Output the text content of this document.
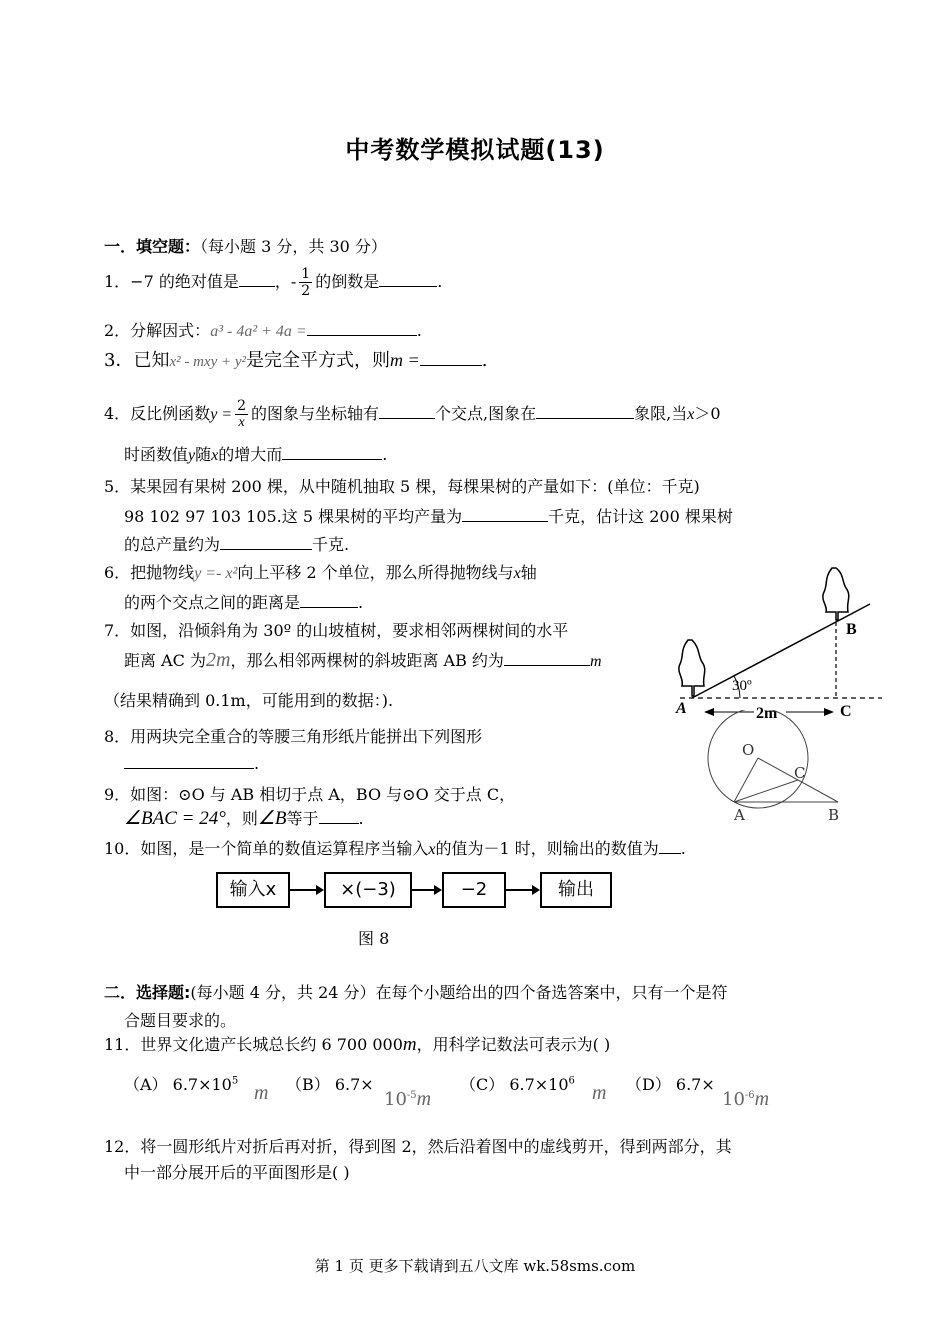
中考数学模拟试题(13)
一．填空题：（每小题 3 分，共 30 分）
1．−7 的绝对值是 ，- $\frac{1}{2}$ 的倒数是	.
2．分解因式：a³ - 4a² + 4a =	.
3．已知x² - mxy + y²是完全平方式，则m =	.
4．反比例函数$y = \frac{2}{x}$ 的图象与坐标轴有	个交点,图象在	象限,当x＞0
时函数值y随x的增大而	.
5．某果园有果树 200 棵，从中随机抽取 5 棵，每棵果树的产量如下：(单位：千克)
98 102 97 103 105.这 5 棵果树的平均产量为	千克，估计这 200 棵果树
的总产量约为	千克.
6．把抛物线y =- x²向上平移 2 个单位，那么所得抛物线与x轴
的两个交点之间的距离是	.
7．如图，沿倾斜角为 30º 的山坡植树，要求相邻两棵树间的水平
距离 AC 为2m，那么相邻两棵树的斜坡距离 AB 约为	m
（结果精确到 0.1m，可能用到的数据：).
8．用两块完全重合的等腰三角形纸片能拼出下列图形
.
9．如图：⊙O 与 AB 相切于点 A，BO 与⊙O 交于点 C，
∠BAC = 24°，则∠B等于	.
10．如图，是一个简单的数值运算程序当输入x的值为－1 时，则输出的数值为 .
输入x	×(−3)	−2	输出
图 8
B
A	C
30º
2m
O
C
A	B
二．选择题:(每小题 4 分，共 24 分）在每个小题给出的四个备选答案中，只有一个是符
合题目要求的。
11．世界文化遗产长城总长约 6 700 000m，用科学记数法可表示为( )
（A） $6.7\times 10^5$
m （B） 6.7×
$10^{-5}m$
（C） $6.7\times 10^6$
m （D） 6.7×
$10^{-6}m$
12．将一圆形纸片对折后再对折，得到图 2，然后沿着图中的虚线剪开，得到两部分，其
中一部分展开后的平面图形是( )
第 1 页 更多下载请到五八文库 wk.58sms.com
